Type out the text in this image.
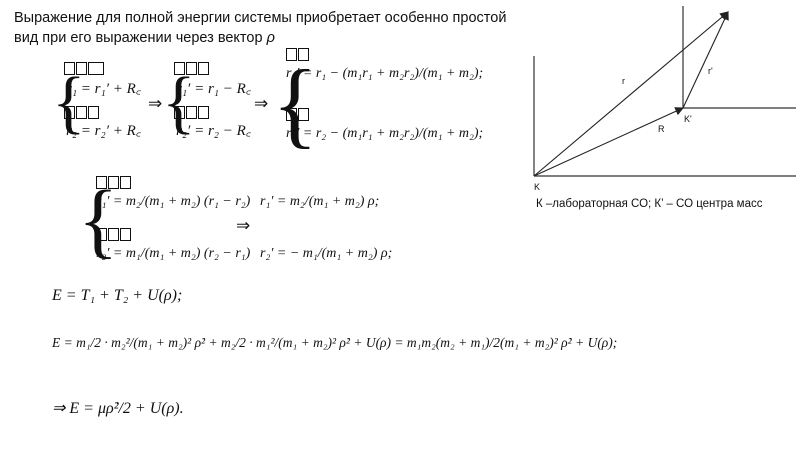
Выражение для полной энергии системы приобретает особенно простой вид при его выражении через вектор ρ
{ { {
r₁ = r₁′ + R꜀
r₂ = r₂′ + R꜀
⇒
r₁′ = r₁ − R꜀
r₂′ = r₂ − R꜀
⇒
r₁′ = r₁ − (m₁r₁ + m₂r₂)/(m₁ + m₂);
r₂′ = r₂ − (m₁r₁ + m₂r₂)/(m₁ + m₂);
{
r₁′ = m₂/(m₁ + m₂) (r₁ − r₂)
r₂′ = m₁/(m₁ + m₂) (r₂ − r₁)
⇒
r₁′ = m₂/(m₁ + m₂) ρ;
r₂′ = − m₁/(m₁ + m₂) ρ;
E = T₁ + T₂ + U(ρ);
E = m₁/2 · m₂²/(m₁ + m₂)² ρ̇² + m₂/2 · m₁²/(m₁ + m₂)² ρ̇² + U(ρ) = m₁m₂(m₂ + m₁)/2(m₁ + m₂)² ρ̇² + U(ρ);
⇒ E = μρ̇²/2 + U(ρ).
r
r'
R
K
K'
К –лабораторная СО; К’ – СО центра масс
